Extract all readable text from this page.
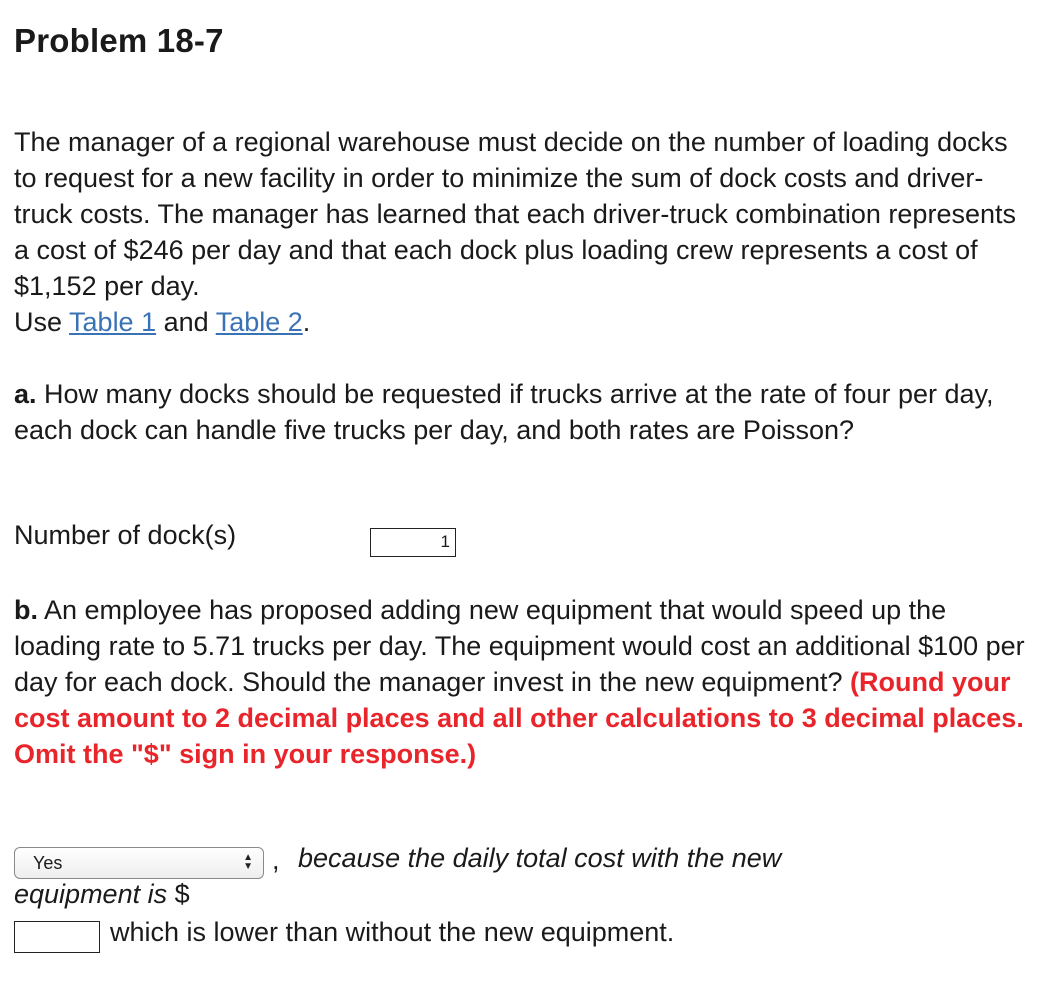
Problem 18-7

The manager of a regional warehouse must decide on the number of loading docks to request for a new facility in order to minimize the sum of dock costs and driver-truck costs. The manager has learned that each driver-truck combination represents a cost of $246 per day and that each dock plus loading crew represents a cost of $1,152 per day.
Use Table 1 and Table 2.

a. How many docks should be requested if trucks arrive at the rate of four per day, each dock can handle five trucks per day, and both rates are Poisson?

Number of dock(s)	1

b. An employee has proposed adding new equipment that would speed up the loading rate to 5.71 trucks per day. The equipment would cost an additional $100 per day for each dock. Should the manager invest in the new equipment? (Round your cost amount to 2 decimal places and all other calculations to 3 decimal places. Omit the "$" sign in your response.)

Yes	▲
▼ , because the daily total cost with the new
equipment is $
which is lower than without the new equipment.
